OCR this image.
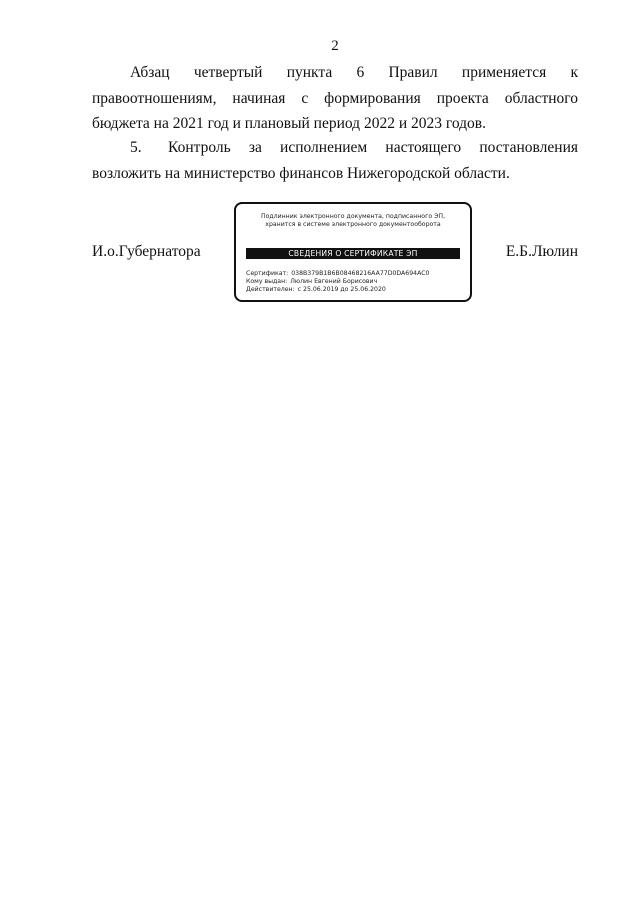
2
Абзац четвертый пункта 6 Правил применяется к правоотношениям, начиная с формирования проекта областного бюджета на 2021 год и плановый период 2022 и 2023 годов.
5. Контроль за исполнением настоящего постановления возложить на министерство финансов Нижегородской области.
И.о.Губернатора
Подлинник электронного документа, подписанного ЭП,
хранится в системе электронного документооборота
СВЕДЕНИЯ О СЕРТИФИКАТЕ ЭП
Сертификат: 038B379B1B6B08468216AA77D0DA694AC0
Кому выдан: Люлин Евгений Борисович
Действителен: с 25.06.2019 до 25.06.2020
Е.Б.Люлин
